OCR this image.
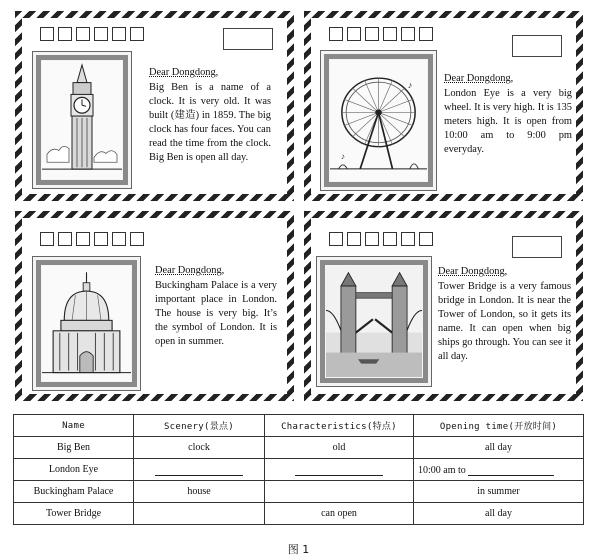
Dear Dongdong,
Big Ben is a name of a clock. It is very old. It was built (建造) in 1859. The big clock has four faces. You can read the time from the clock. Big Ben is open all day.
♪
♪
Dear Dongdong,
London Eye is a very big wheel. It is very high. It is 135 meters high. It is open from 10:00 am to 9:00 pm everyday.
Dear Dongdong,
Buckingham Palace is a very important place in London. The house is very big. It’s the symbol of London. It is open in summer.
Dear Dongdong,
Tower Bridge is a very famous bridge in London. It is near the Tower of London, so it gets its name. It can open when big ships go through. You can see it all day.
Name	Scenery(景点)	Characteristics(特点)	Opening time(开放时间)
Big Ben	clock	old	all day
London Eye			10:00 am to
Buckingham Palace	house		in summer
Tower Bridge		can open	all day
图 1
